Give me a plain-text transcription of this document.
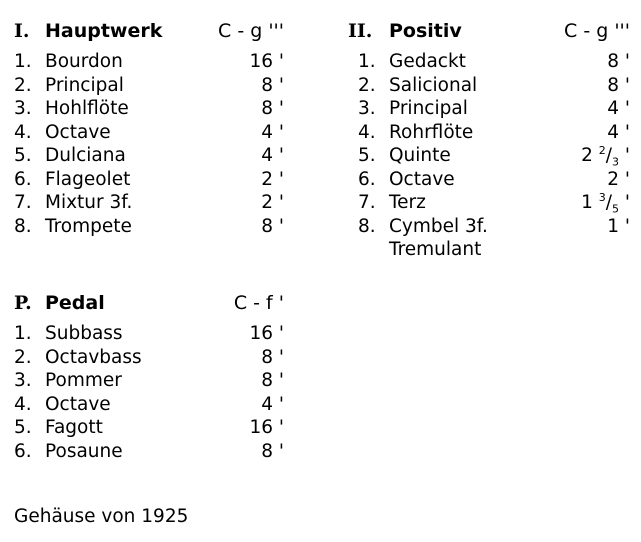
I. Hauptwerk	C - g '''
1. Bourdon	16 '
2. Principal	8 '
3. Hohlflöte	8 '
4. Octave	4 '
5. Dulciana	4 '
6. Flageolet	2 '
7. Mixtur 3f.	2 '
8. Trompete	8 '
II. Positiv	C - g '''
1. Gedackt	8 '
2. Salicional	8 '
3. Principal	4 '
4. Rohrflöte	4 '
5. Quinte	2 $^2/_3$ '
6. Octave	2 '
7. Terz	1 $^3/_5$ '
8. Cymbel 3f.	1 '
Tremulant
P. Pedal	C - f '
1. Subbass	16 '
2. Octavbass	8 '
3. Pommer	8 '
4. Octave	4 '
5. Fagott	16 '
6. Posaune	8 '
Gehäuse von 1925
